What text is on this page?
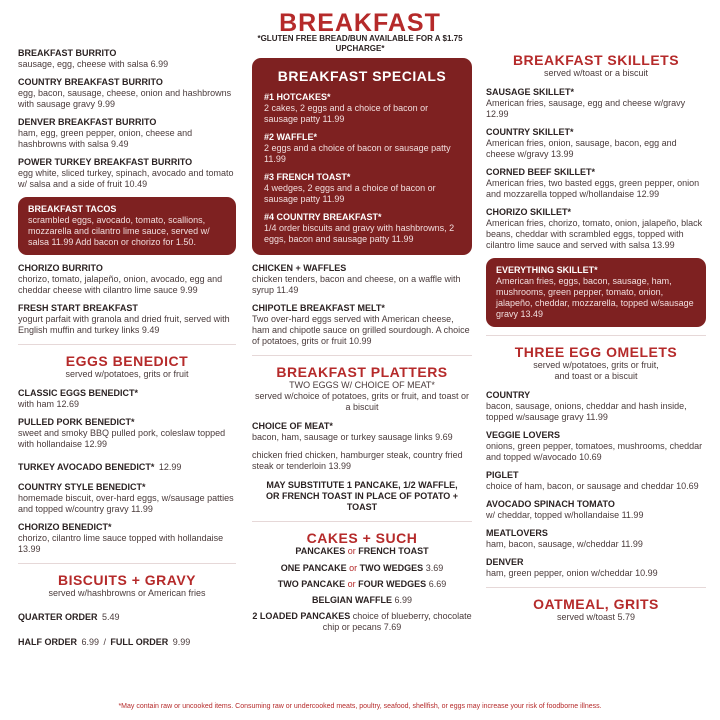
BREAKFAST
*GLUTEN FREE BREAD/BUN AVAILABLE FOR A $1.75 UPCHARGE*
BREAKFAST BURRITO
sausage, egg, cheese with salsa 6.99
COUNTRY BREAKFAST BURRITO
egg, bacon, sausage, cheese, onion and hashbrowns with sausage gravy 9.99
DENVER BREAKFAST BURRITO
ham, egg, green pepper, onion, cheese and hashbrowns with salsa 9.49
POWER TURKEY BREAKFAST BURRITO
egg white, sliced turkey, spinach, avocado and tomato w/ salsa and a side of fruit 10.49
BREAKFAST TACOS
scrambled eggs, avocado, tomato, scallions, mozzarella and cilantro lime sauce, served w/ salsa 11.99 Add bacon or chorizo for 1.50.
CHORIZO BURRITO
chorizo, tomato, jalapeño, onion, avocado, egg and cheddar cheese with cilantro lime sauce 9.99
FRESH START BREAKFAST
yogurt parfait with granola and dried fruit, served with English muffin and turkey links 9.49
EGGS BENEDICT
served w/potatoes, grits or fruit
CLASSIC EGGS BENEDICT*
with ham 12.69
PULLED PORK BENEDICT*
sweet and smoky BBQ pulled pork, coleslaw topped with hollandaise 12.99
TURKEY AVOCADO BENEDICT* 12.99
COUNTRY STYLE BENEDICT*
homemade biscuit, over-hard eggs, w/sausage patties and topped w/country gravy 11.99
CHORIZO BENEDICT*
chorizo, cilantro lime sauce topped with hollandaise 13.99
BISCUITS + GRAVY
served w/hashbrowns or American fries
QUARTER ORDER 5.49
HALF ORDER 6.99 / FULL ORDER 9.99
BREAKFAST SPECIALS
#1 HOTCAKES*
2 cakes, 2 eggs and a choice of bacon or sausage patty 11.99
#2 WAFFLE*
2 eggs and a choice of bacon or sausage patty 11.99
#3 FRENCH TOAST*
4 wedges, 2 eggs and a choice of bacon or sausage patty 11.99
#4 COUNTRY BREAKFAST*
1/4 order biscuits and gravy with hashbrowns, 2 eggs, bacon and sausage patty 11.99
CHICKEN + WAFFLES
chicken tenders, bacon and cheese, on a waffle with syrup 11.49
CHIPOTLE BREAKFAST MELT*
Two over-hard eggs served with American cheese, ham and chipotle sauce on grilled sourdough. A choice of potatoes, grits or fruit 10.99
BREAKFAST PLATTERS
TWO EGGS W/ CHOICE OF MEAT*
served w/choice of potatoes, grits or fruit, and toast or a biscuit
CHOICE OF MEAT*
bacon, ham, sausage or turkey sausage links 9.69
chicken fried chicken, hamburger steak, country fried steak or tenderloin 13.99
MAY SUBSTITUTE 1 PANCAKE, 1/2 WAFFLE, OR FRENCH TOAST IN PLACE OF POTATO + TOAST
CAKES + SUCH
PANCAKES or FRENCH TOAST
ONE PANCAKE or TWO WEDGES 3.69
TWO PANCAKE or FOUR WEDGES 6.69
BELGIAN WAFFLE 6.99
2 LOADED PANCAKES choice of blueberry, chocolate chip or pecans 7.69
BREAKFAST SKILLETS
served w/toast or a biscuit
SAUSAGE SKILLET*
American fries, sausage, egg and cheese w/gravy 12.99
COUNTRY SKILLET*
American fries, onion, sausage, bacon, egg and cheese w/gravy 13.99
CORNED BEEF SKILLET*
American fries, two basted eggs, green pepper, onion and mozzarella topped w/hollandaise 12.99
CHORIZO SKILLET*
American fries, chorizo, tomato, onion, jalapeño, black beans, cheddar with scrambled eggs, topped with cilantro lime sauce and served with salsa 13.99
EVERYTHING SKILLET*
American fries, eggs, bacon, sausage, ham, mushrooms, green pepper, tomato, onion, jalapeño, cheddar, mozzarella, topped w/sausage gravy 13.49
THREE EGG OMELETS
served w/potatoes, grits or fruit, and toast or a biscuit
COUNTRY
bacon, sausage, onions, cheddar and hash inside, topped w/sausage gravy 11.99
VEGGIE LOVERS
onions, green pepper, tomatoes, mushrooms, cheddar and topped w/avocado 10.69
PIGLET
choice of ham, bacon, or sausage and cheddar 10.69
AVOCADO SPINACH TOMATO
w/ cheddar, topped w/hollandaise 11.99
MEATLOVERS
ham, bacon, sausage, w/cheddar 11.99
DENVER
ham, green pepper, onion w/cheddar 10.99
OATMEAL, GRITS
served w/toast 5.79
*May contain raw or uncooked items. Consuming raw or undercooked meats, poultry, seafood, shellfish, or eggs may increase your risk of foodborne illness.
